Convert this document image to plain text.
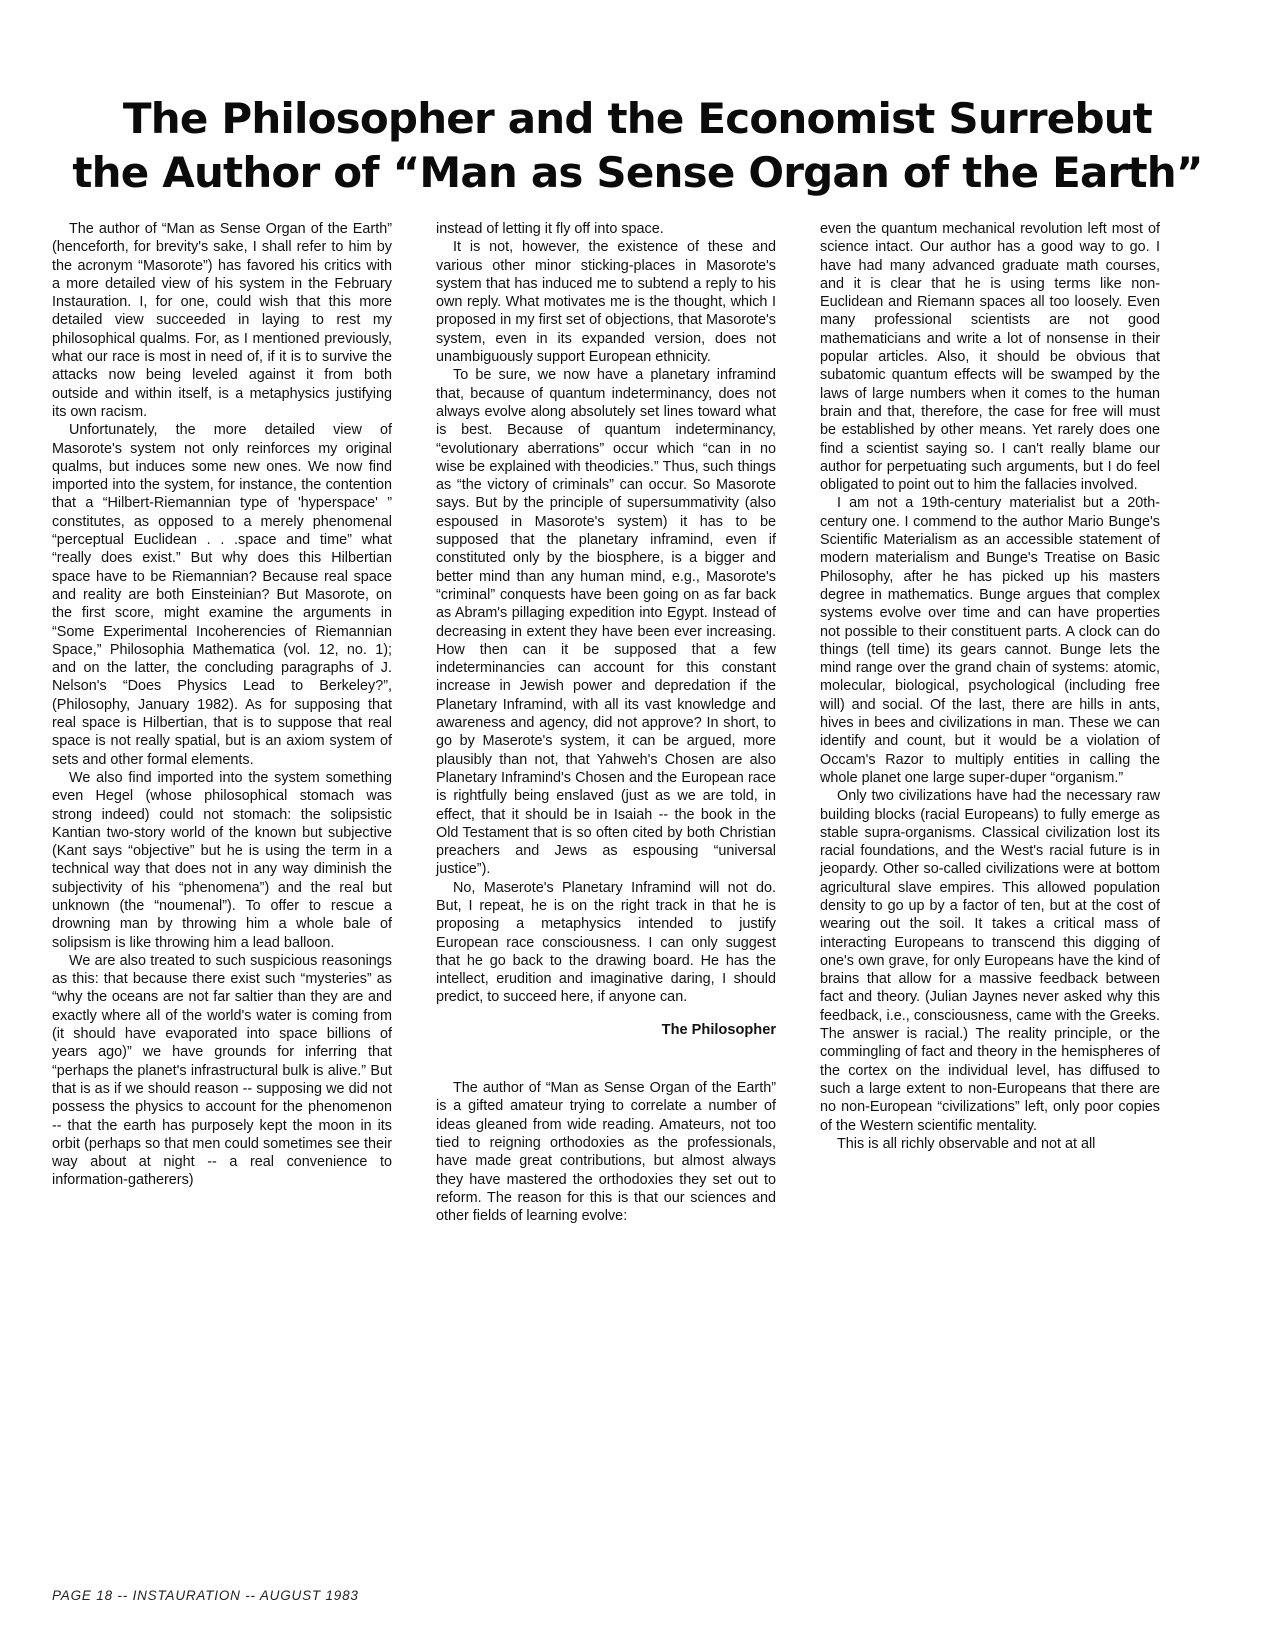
The Philosopher and the Economist Surrebut
the Author of “Man as Sense Organ of the Earth”

The author of “Man as Sense Organ of the Earth” (henceforth, for brevity's sake, I shall refer to him by the acronym “Masorote”) has favored his critics with a more detailed view of his system in the February Instauration. I, for one, could wish that this more detailed view succeeded in laying to rest my philosophical qualms. For, as I mentioned previously, what our race is most in need of, if it is to survive the attacks now being leveled against it from both outside and within itself, is a metaphysics justifying its own racism.

Unfortunately, the more detailed view of Masorote's system not only reinforces my original qualms, but induces some new ones. We now find imported into the system, for instance, the contention that a “Hilbert-Riemannian type of 'hyperspace' ” constitutes, as opposed to a merely phenomenal “perceptual Euclidean . . .space and time” what “really does exist.” But why does this Hilbertian space have to be Riemannian? Because real space and reality are both Einsteinian? But Masorote, on the first score, might examine the arguments in “Some Experimental Incoherencies of Riemannian Space,” Philosophia Mathematica (vol. 12, no. 1); and on the latter, the concluding paragraphs of J. Nelson's “Does Physics Lead to Berkeley?”, (Philosophy, January 1982). As for supposing that real space is Hilbertian, that is to suppose that real space is not really spatial, but is an axiom system of sets and other formal elements.

We also find imported into the system something even Hegel (whose philosophical stomach was strong indeed) could not stomach: the solipsistic Kantian two-story world of the known but subjective (Kant says “objective” but he is using the term in a technical way that does not in any way diminish the subjectivity of his “phenomena”) and the real but unknown (the “noumenal”). To offer to rescue a drowning man by throwing him a whole bale of solipsism is like throwing him a lead balloon.

We are also treated to such suspicious reasonings as this: that because there exist such “mysteries” as “why the oceans are not far saltier than they are and exactly where all of the world's water is coming from (it should have evaporated into space billions of years ago)” we have grounds for inferring that “perhaps the planet's infrastructural bulk is alive.” But that is as if we should reason -- supposing we did not possess the physics to account for the phenomenon -- that the earth has purposely kept the moon in its orbit (perhaps so that men could sometimes see their way about at night -- a real convenience to information-gatherers)

instead of letting it fly off into space.

It is not, however, the existence of these and various other minor sticking-places in Masorote's system that has induced me to subtend a reply to his own reply. What motivates me is the thought, which I proposed in my first set of objections, that Masorote's system, even in its expanded version, does not unambiguously support European ethnicity.

To be sure, we now have a planetary inframind that, because of quantum indeterminancy, does not always evolve along absolutely set lines toward what is best. Because of quantum indeterminancy, “evolutionary aberrations” occur which “can in no wise be explained with theodicies.” Thus, such things as “the victory of criminals” can occur. So Masorote says. But by the principle of supersummativity (also espoused in Masorote's system) it has to be supposed that the planetary inframind, even if constituted only by the biosphere, is a bigger and better mind than any human mind, e.g., Masorote's “criminal” conquests have been going on as far back as Abram's pillaging expedition into Egypt. Instead of decreasing in extent they have been ever increasing. How then can it be supposed that a few indeterminancies can account for this constant increase in Jewish power and depredation if the Planetary Inframind, with all its vast knowledge and awareness and agency, did not approve? In short, to go by Maserote's system, it can be argued, more plausibly than not, that Yahweh's Chosen are also Planetary Inframind's Chosen and the European race is rightfully being enslaved (just as we are told, in effect, that it should be in Isaiah -- the book in the Old Testament that is so often cited by both Christian preachers and Jews as espousing “universal justice”).

No, Maserote's Planetary Inframind will not do. But, I repeat, he is on the right track in that he is proposing a metaphysics intended to justify European race consciousness. I can only suggest that he go back to the drawing board. He has the intellect, erudition and imaginative daring, I should predict, to succeed here, if anyone can.

The Philosopher

The author of “Man as Sense Organ of the Earth” is a gifted amateur trying to correlate a number of ideas gleaned from wide reading. Amateurs, not too tied to reigning orthodoxies as the professionals, have made great contributions, but almost always they have mastered the orthodoxies they set out to reform. The reason for this is that our sciences and other fields of learning evolve:

even the quantum mechanical revolution left most of science intact. Our author has a good way to go. I have had many advanced graduate math courses, and it is clear that he is using terms like non-Euclidean and Riemann spaces all too loosely. Even many professional scientists are not good mathematicians and write a lot of nonsense in their popular articles. Also, it should be obvious that subatomic quantum effects will be swamped by the laws of large numbers when it comes to the human brain and that, therefore, the case for free will must be established by other means. Yet rarely does one find a scientist saying so. I can't really blame our author for perpetuating such arguments, but I do feel obligated to point out to him the fallacies involved.

I am not a 19th-century materialist but a 20th-century one. I commend to the author Mario Bunge's Scientific Materialism as an accessible statement of modern materialism and Bunge's Treatise on Basic Philosophy, after he has picked up his masters degree in mathematics. Bunge argues that complex systems evolve over time and can have properties not possible to their constituent parts. A clock can do things (tell time) its gears cannot. Bunge lets the mind range over the grand chain of systems: atomic, molecular, biological, psychological (including free will) and social. Of the last, there are hills in ants, hives in bees and civilizations in man. These we can identify and count, but it would be a violation of Occam's Razor to multiply entities in calling the whole planet one large super-duper “organism.”

Only two civilizations have had the necessary raw building blocks (racial Europeans) to fully emerge as stable supra-organisms. Classical civilization lost its racial foundations, and the West's racial future is in jeopardy. Other so-called civilizations were at bottom agricultural slave empires. This allowed population density to go up by a factor of ten, but at the cost of wearing out the soil. It takes a critical mass of interacting Europeans to transcend this digging of one's own grave, for only Europeans have the kind of brains that allow for a massive feedback between fact and theory. (Julian Jaynes never asked why this feedback, i.e., consciousness, came with the Greeks. The answer is racial.) The reality principle, or the commingling of fact and theory in the hemispheres of the cortex on the individual level, has diffused to such a large extent to non-Europeans that there are no non-European “civilizations” left, only poor copies of the Western scientific mentality.

This is all richly observable and not at all

PAGE 18 -- INSTAURATION -- AUGUST 1983
